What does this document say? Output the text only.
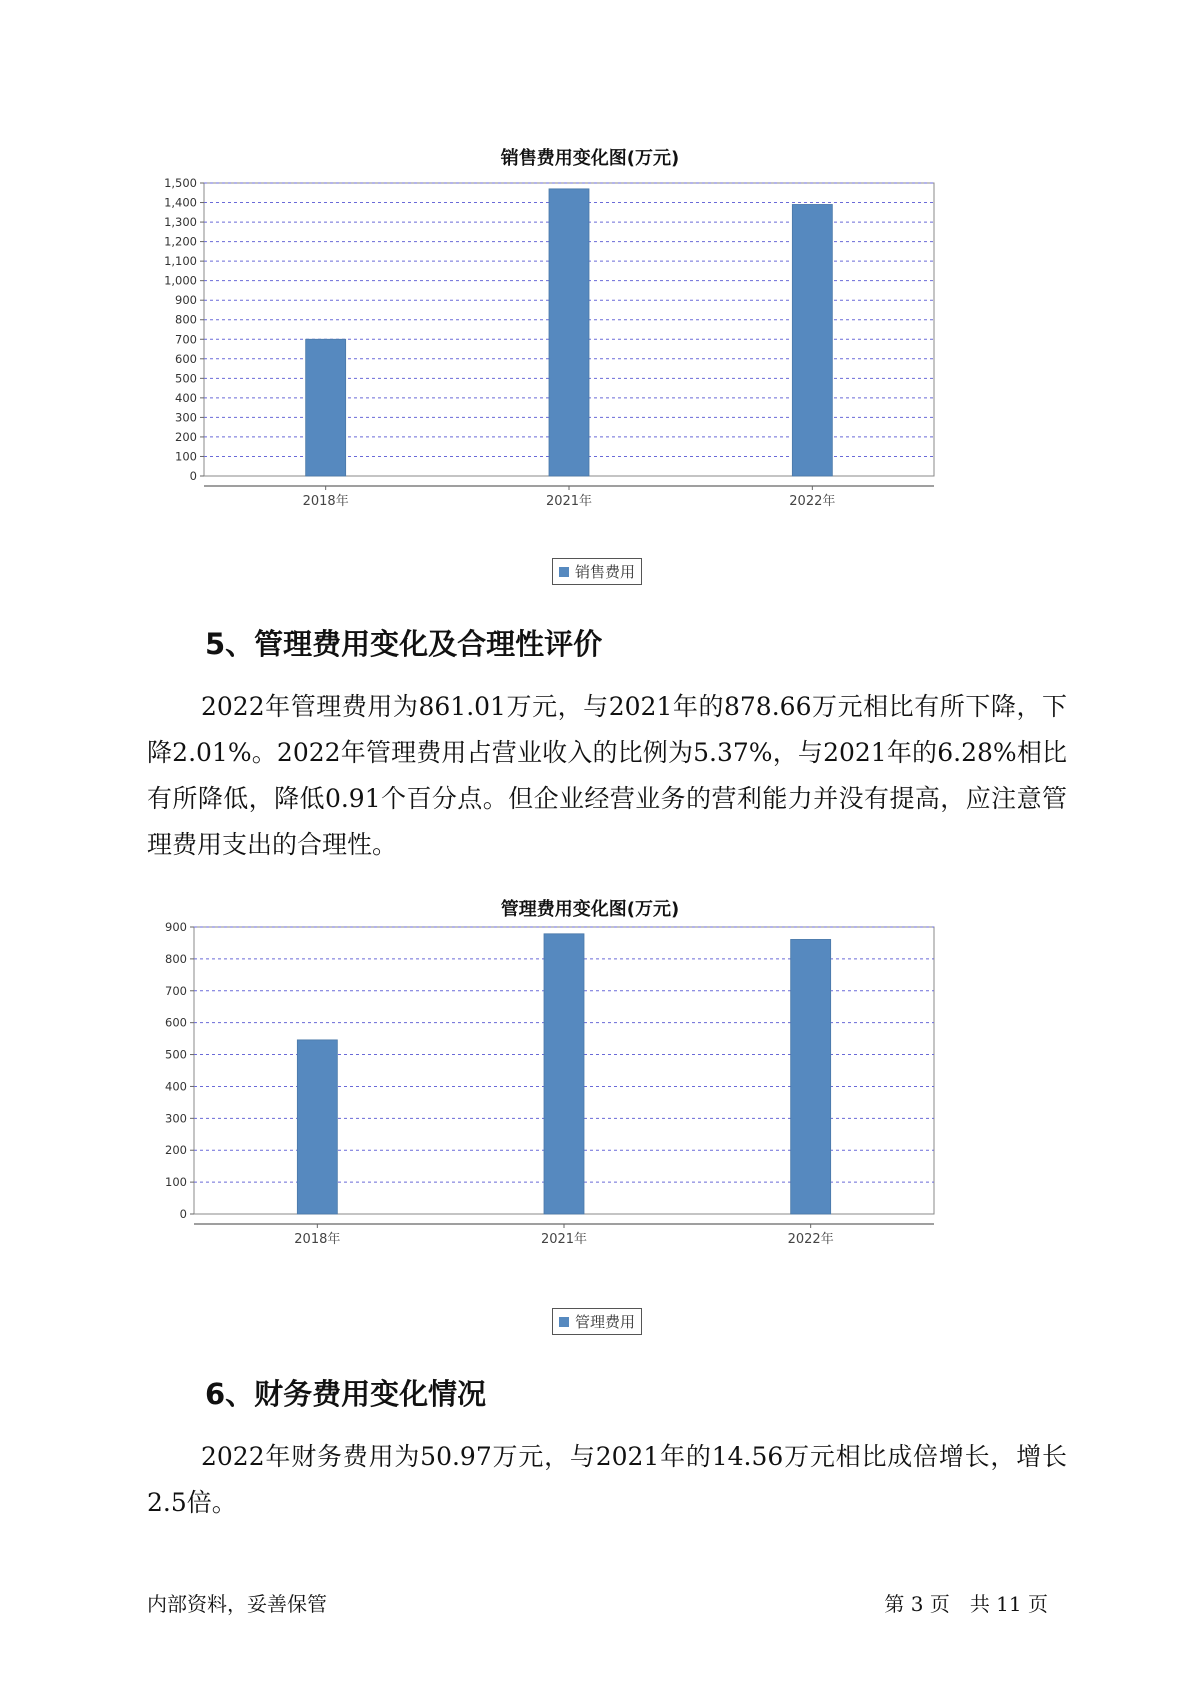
销售费用变化图(万元)
0
100
200
300
400
500
600
700
800
900
1,000
1,100
1,200
1,300
1,400
1,500
2018年	2021年	2022年
销售费用
5、管理费用变化及合理性评价
2022年管理费用为861.01万元，与2021年的878.66万元相比有所下降，下降2.01%。2022年管理费用占营业收入的比例为5.37%，与2021年的6.28%相比有所降低，降低0.91个百分点。但企业经营业务的营利能力并没有提高，应注意管理费用支出的合理性。
管理费用变化图(万元)
0
100
200
300
400
500
600
700
800
900
2018年	2021年	2022年
管理费用
6、财务费用变化情况
2022年财务费用为50.97万元，与2021年的14.56万元相比成倍增长，增长2.5倍。
内部资料，妥善保管	第 3 页　共 11 页
